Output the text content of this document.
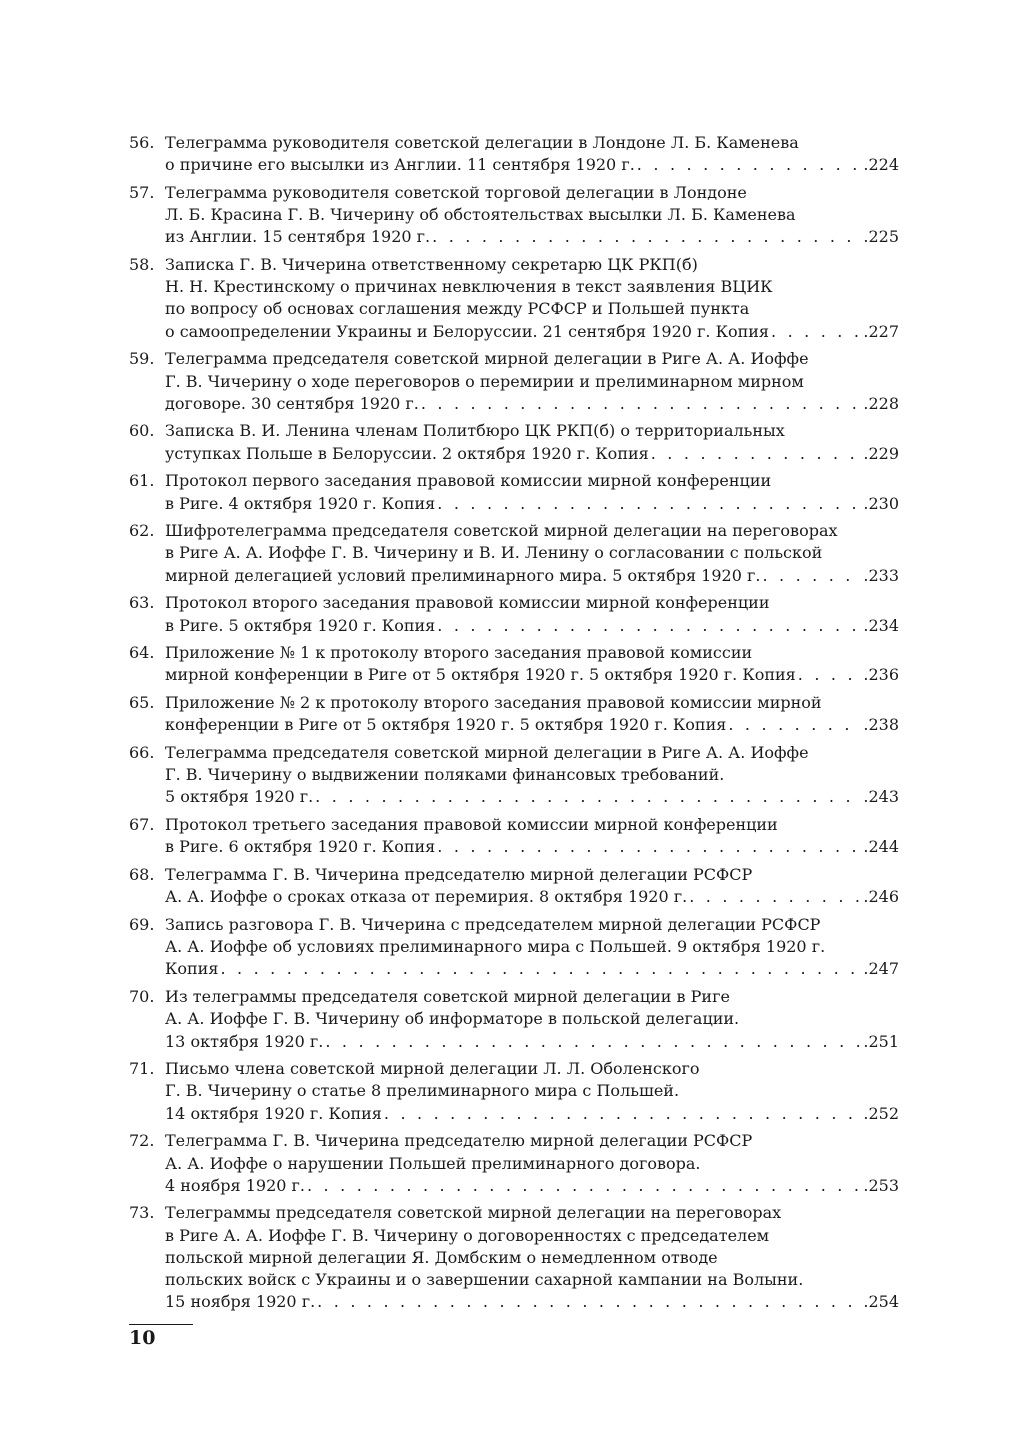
56. Телеграмма руководителя советской делегации в Лондоне Л. Б. Каменева
о причине его высылки из Англии. 11 сентября 1920 г. . . .	.224
57. Телеграмма руководителя советской торговой делегации в Лондоне
Л. Б. Красина Г. В. Чичерину об обстоятельствах высылки Л. Б. Каменева
из Англии. 15 сентября 1920 г. . . .	.225
58. Записка Г. В. Чичерина ответственному секретарю ЦК РКП(б)
Н. Н. Крестинскому о причинах невключения в текст заявления ВЦИК
по вопросу об основах соглашения между РСФСР и Польшей пункта
о самоопределении Украины и Белоруссии. 21 сентября 1920 г. Копия . . .	.227
59. Телеграмма председателя советской мирной делегации в Риге А. А. Иоффе
Г. В. Чичерину о ходе переговоров о перемирии и прелиминарном мирном
договоре. 30 сентября 1920 г. . . .	.228
60. Записка В. И. Ленина членам Политбюро ЦК РКП(б) о территориальных
уступках Польше в Белоруссии. 2 октября 1920 г. Копия . . .	.229
61. Протокол первого заседания правовой комиссии мирной конференции
в Риге. 4 октября 1920 г. Копия . . .	.230
62. Шифротелеграмма председателя советской мирной делегации на переговорах
в Риге А. А. Иоффе Г. В. Чичерину и В. И. Ленину о согласовании с польской
мирной делегацией условий прелиминарного мира. 5 октября 1920 г. . . .	.233
63. Протокол второго заседания правовой комиссии мирной конференции
в Риге. 5 октября 1920 г. Копия . . .	.234
64. Приложение № 1 к протоколу второго заседания правовой комиссии
мирной конференции в Риге от 5 октября 1920 г. 5 октября 1920 г. Копия . . .	.236
65. Приложение № 2 к протоколу второго заседания правовой комиссии мирной
конференции в Риге от 5 октября 1920 г. 5 октября 1920 г. Копия . . .	.238
66. Телеграмма председателя советской мирной делегации в Риге А. А. Иоффе
Г. В. Чичерину о выдвижении поляками финансовых требований.
5 октября 1920 г. . . .	.243
67. Протокол третьего заседания правовой комиссии мирной конференции
в Риге. 6 октября 1920 г. Копия . . .	.244
68. Телеграмма Г. В. Чичерина председателю мирной делегации РСФСР
А. А. Иоффе о сроках отказа от перемирия. 8 октября 1920 г. . . .	.246
69. Запись разговора Г. В. Чичерина с председателем мирной делегации РСФСР
А. А. Иоффе об условиях прелиминарного мира с Польшей. 9 октября 1920 г.
Копия . . .	.247
70. Из телеграммы председателя советской мирной делегации в Риге
А. А. Иоффе Г. В. Чичерину об информаторе в польской делегации.
13 октября 1920 г. . . .	.251
71. Письмо члена советской мирной делегации Л. Л. Оболенского
Г. В. Чичерину о статье 8 прелиминарного мира с Польшей.
14 октября 1920 г. Копия . . .	.252
72. Телеграмма Г. В. Чичерина председателю мирной делегации РСФСР
А. А. Иоффе о нарушении Польшей прелиминарного договора.
4 ноября 1920 г. . . .	.253
73. Телеграммы председателя советской мирной делегации на переговорах
в Риге А. А. Иоффе Г. В. Чичерину о договоренностях с председателем
польской мирной делегации Я. Домбским о немедленном отводе
польских войск с Украины и о завершении сахарной кампании на Волыни.
15 ноября 1920 г. . . .	.254
10
